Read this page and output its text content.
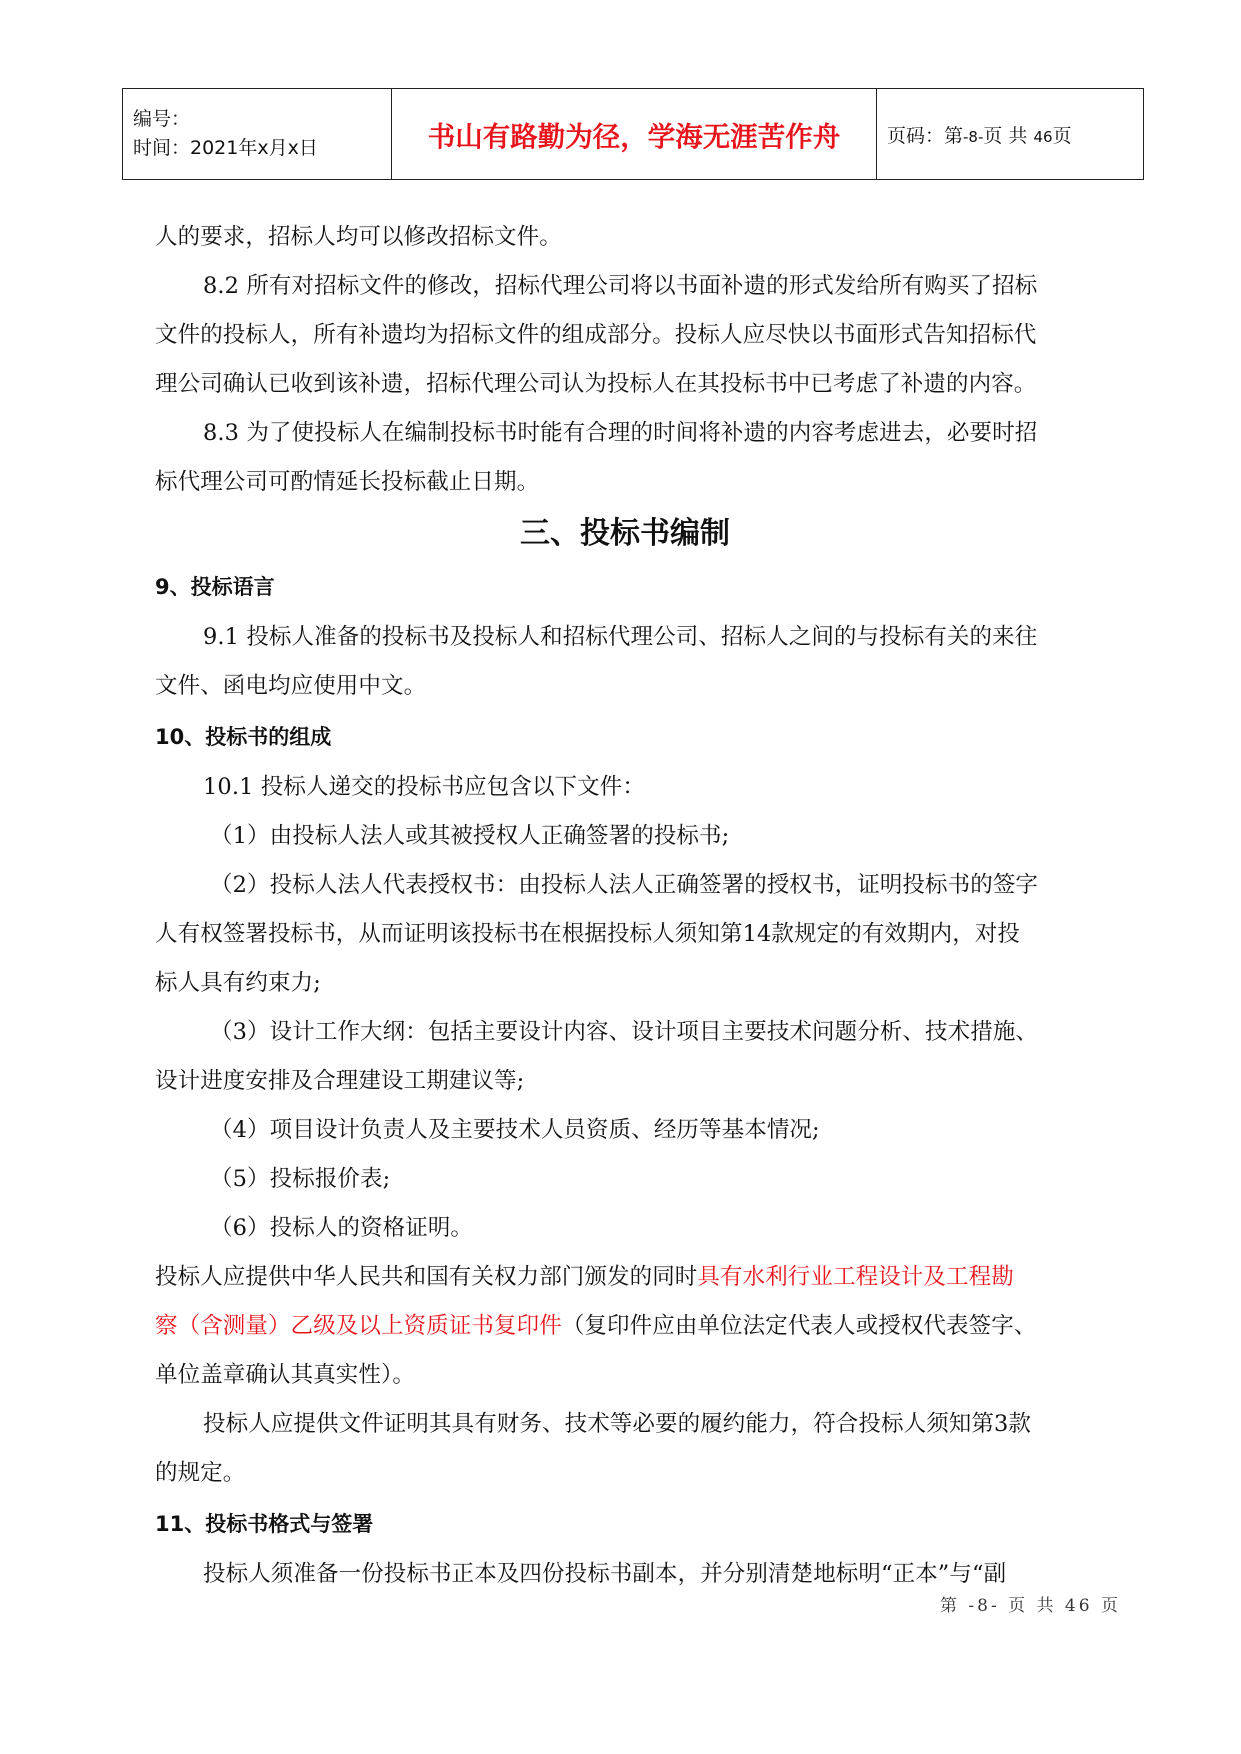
编号：
时间：2021年x月x日	书山有路勤为径，学海无涯苦作舟	页码：第-8-页 共 46页

人的要求，招标人均可以修改招标文件。

8.2 所有对招标文件的修改，招标代理公司将以书面补遗的形式发给所有购买了招标

文件的投标人，所有补遗均为招标文件的组成部分。投标人应尽快以书面形式告知招标代

理公司确认已收到该补遗，招标代理公司认为投标人在其投标书中已考虑了补遗的内容。

8.3 为了使投标人在编制投标书时能有合理的时间将补遗的内容考虑进去，必要时招

标代理公司可酌情延长投标截止日期。

三、投标书编制
9、投标语言

9.1 投标人准备的投标书及投标人和招标代理公司、招标人之间的与投标有关的来往

文件、函电均应使用中文。

10、投标书的组成

10.1 投标人递交的投标书应包含以下文件：

（1）由投标人法人或其被授权人正确签署的投标书;

（2）投标人法人代表授权书：由投标人法人正确签署的授权书，证明投标书的签字

人有权签署投标书，从而证明该投标书在根据投标人须知第14款规定的有效期内，对投

标人具有约束力;

（3）设计工作大纲：包括主要设计内容、设计项目主要技术问题分析、技术措施、

设计进度安排及合理建设工期建议等;

（4）项目设计负责人及主要技术人员资质、经历等基本情况;

（5）投标报价表;

（6）投标人的资格证明。

投标人应提供中华人民共和国有关权力部门颁发的同时具有水利行业工程设计及工程勘

察（含测量）乙级及以上资质证书复印件（复印件应由单位法定代表人或授权代表签字、

单位盖章确认其真实性）。

投标人应提供文件证明其具有财务、技术等必要的履约能力，符合投标人须知第3款

的规定。

11、投标书格式与签署

投标人须准备一份投标书正本及四份投标书副本，并分别清楚地标明“正本”与“副

第 -8- 页 共 46 页
